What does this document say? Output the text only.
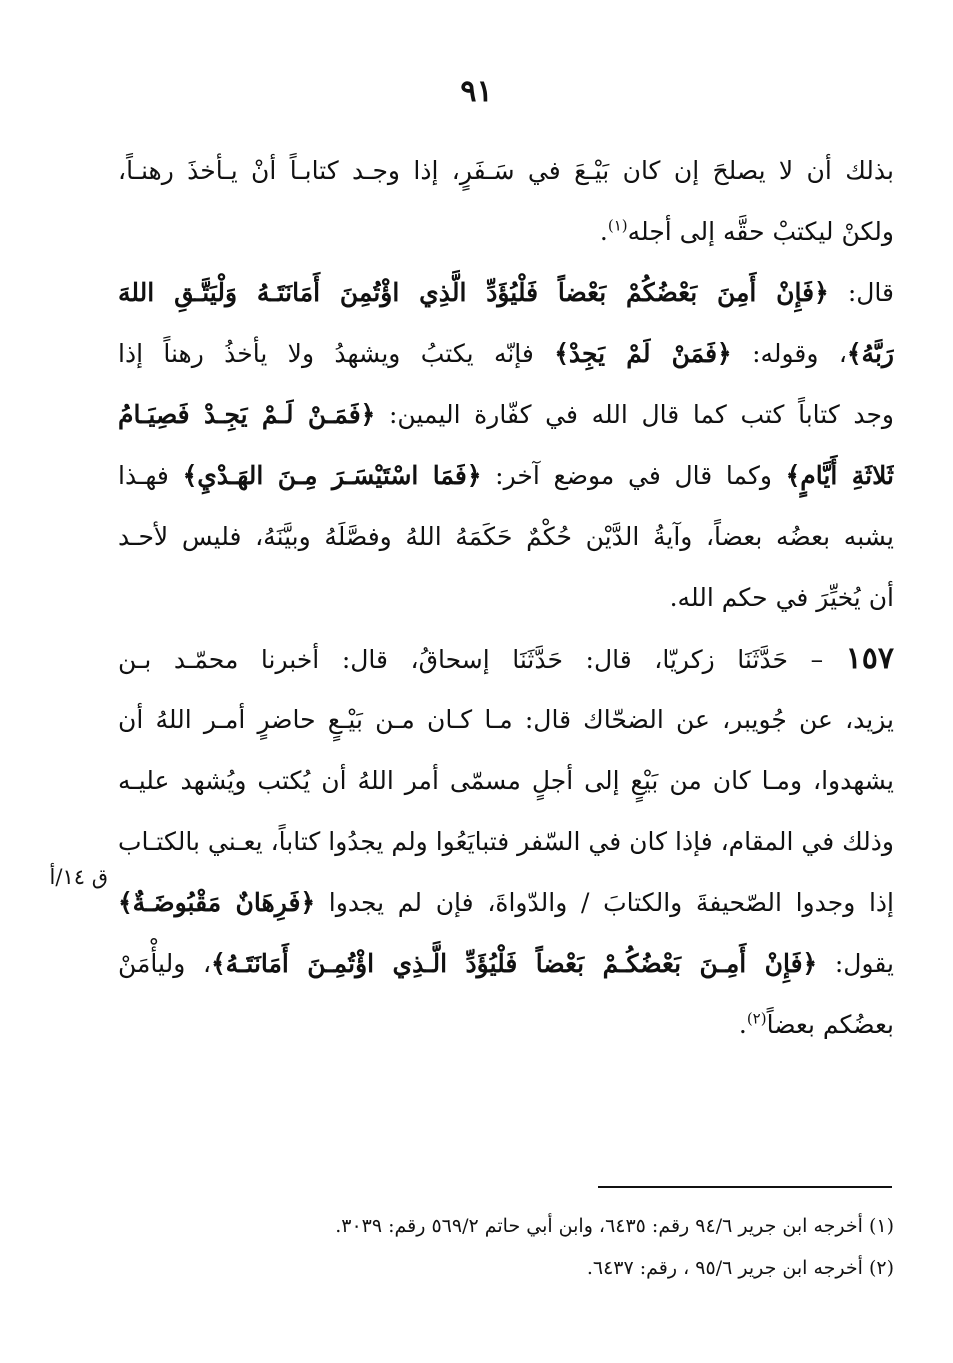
٩١
بذلك أن لا يصلحَ إن كان بَيْـعَ في سَـفَرٍ، إذا وجـد كتابـاً أنْ يـأخذَ رهنـاً،
ولكنْ ليكتبْ حقَّه إلى أجله$^{(١)}$.
قال: ﴿فَإِنْ أَمِنَ بَعْضُكُمْ بَعْضاً فَلْيُؤَدِّ الَّذِي اؤْتُمِنَ أَمَانَتَـهُ وَلْيَتَّـقِ اللهَ
رَبَّهُ﴾، وقوله: ﴿فَمَنْ لَمْ يَجِدْ﴾ فإنّه يكتبُ ويشهدُ ولا يأخذُ رهناً إذا
وجد كتاباً كتب كما قال الله في كفّارة اليمين: ﴿فَمَـنْ لَـمْ يَجِـدْ فَصِيَـامُ
ثَلاثَةِ أَيَّامٍ﴾ وكما قال في موضع آخر: ﴿فَمَا اسْتَيْسَـرَ مِـنَ الهَـدْيِ﴾ فهـذا
يشبه بعضُه بعضاً، وآيةُ الدَّيْن حُكْمٌ حَكَمَهُ اللهُ وفصَّلَهُ وبيَّنَهُ، فليس لأحـد
أن يُخيِّرَ في حكم الله.
١٥٧ – حَدَّثَنَا زكريّا، قال: حَدَّثَنَا إسحاقُ، قال: أخبرنا محمّـد بـن
يزيد، عن جُويبر، عن الضحّاك قال: مـا كـان مـن بَيْـعٍ حاضرٍ أمـر اللهُ أن
يشهدوا، ومـا كان من بَيْعٍ إلى أجلٍ مسمّى أمر اللهُ أن يُكتب ويُشهد عليـه
وذلك في المقام، فإذا كان في السّفر فتبايَعُوا ولم يجدُوا كتاباً، يعـني بالكتـاب
إذا وجدوا الصّحيفةَ والكتابَ / والدّواةَ، فإن لم يجدوا ﴿فَرِهَانٌ مَقْبُوضَـةٌ﴾
يقول: ﴿فَإِنْ أَمِـنَ بَعْضُكُـمْ بَعْضاً فَلْيُؤَدِّ الَّـذِي اؤْتُمِـنَ أَمَانَتَـهُ﴾، وليأْمَنْ
بعضُكم بعضاً$^{(٢)}$.
ق ١٤/أ
(١) أخرجه ابن جرير ٩٤/٦ رقم: ٦٤٣٥، وابن أبي حاتم ٥٦٩/٢ رقم: ٣٠٣٩.
(٢) أخرجه ابن جرير ٩٥/٦ ، رقم: ٦٤٣٧.
